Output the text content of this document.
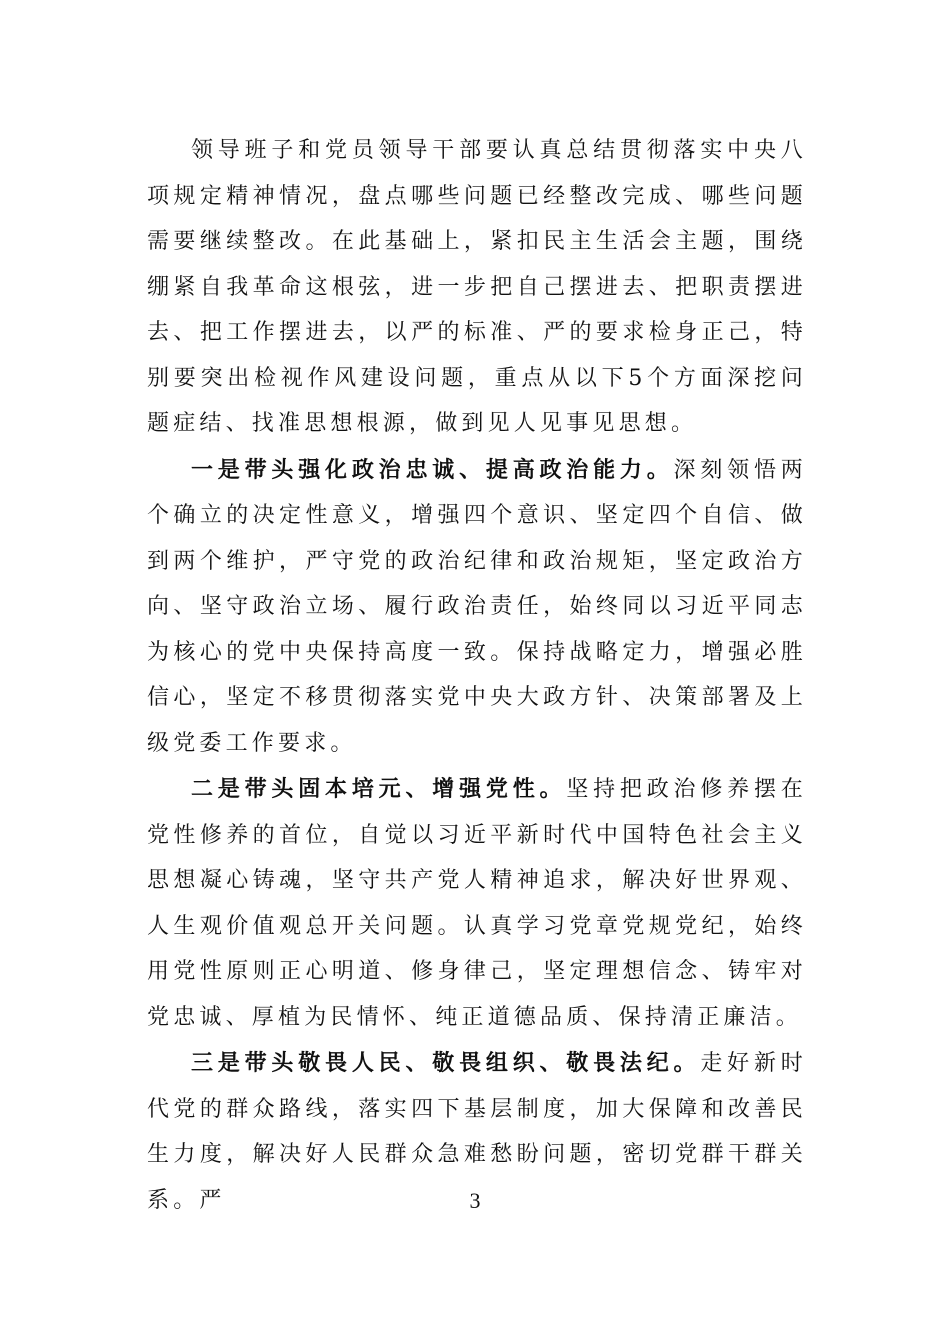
领导班子和党员领导干部要认真总结贯彻落实中央八项规定精神情况，盘点哪些问题已经整改完成、哪些问题需要继续整改。在此基础上，紧扣民主生活会主题，围绕绷紧自我革命这根弦，进一步把自己摆进去、把职责摆进去、把工作摆进去，以严的标准、严的要求检身正己，特别要突出检视作风建设问题，重点从以下5个方面深挖问题症结、找准思想根源，做到见人见事见思想。

一是带头强化政治忠诚、提高政治能力。深刻领悟两个确立的决定性意义，增强四个意识、坚定四个自信、做到两个维护，严守党的政治纪律和政治规矩，坚定政治方向、坚守政治立场、履行政治责任，始终同以习近平同志为核心的党中央保持高度一致。保持战略定力，增强必胜信心，坚定不移贯彻落实党中央大政方针、决策部署及上级党委工作要求。

二是带头固本培元、增强党性。坚持把政治修养摆在党性修养的首位，自觉以习近平新时代中国特色社会主义思想凝心铸魂，坚守共产党人精神追求，解决好世界观、人生观价值观总开关问题。认真学习党章党规党纪，始终用党性原则正心明道、修身律己，坚定理想信念、铸牢对党忠诚、厚植为民情怀、纯正道德品质、保持清正廉洁。

三是带头敬畏人民、敬畏组织、敬畏法纪。走好新时代党的群众路线，落实四下基层制度，加大保障和改善民生力度，解决好人民群众急难愁盼问题，密切党群干群关系。严	3
